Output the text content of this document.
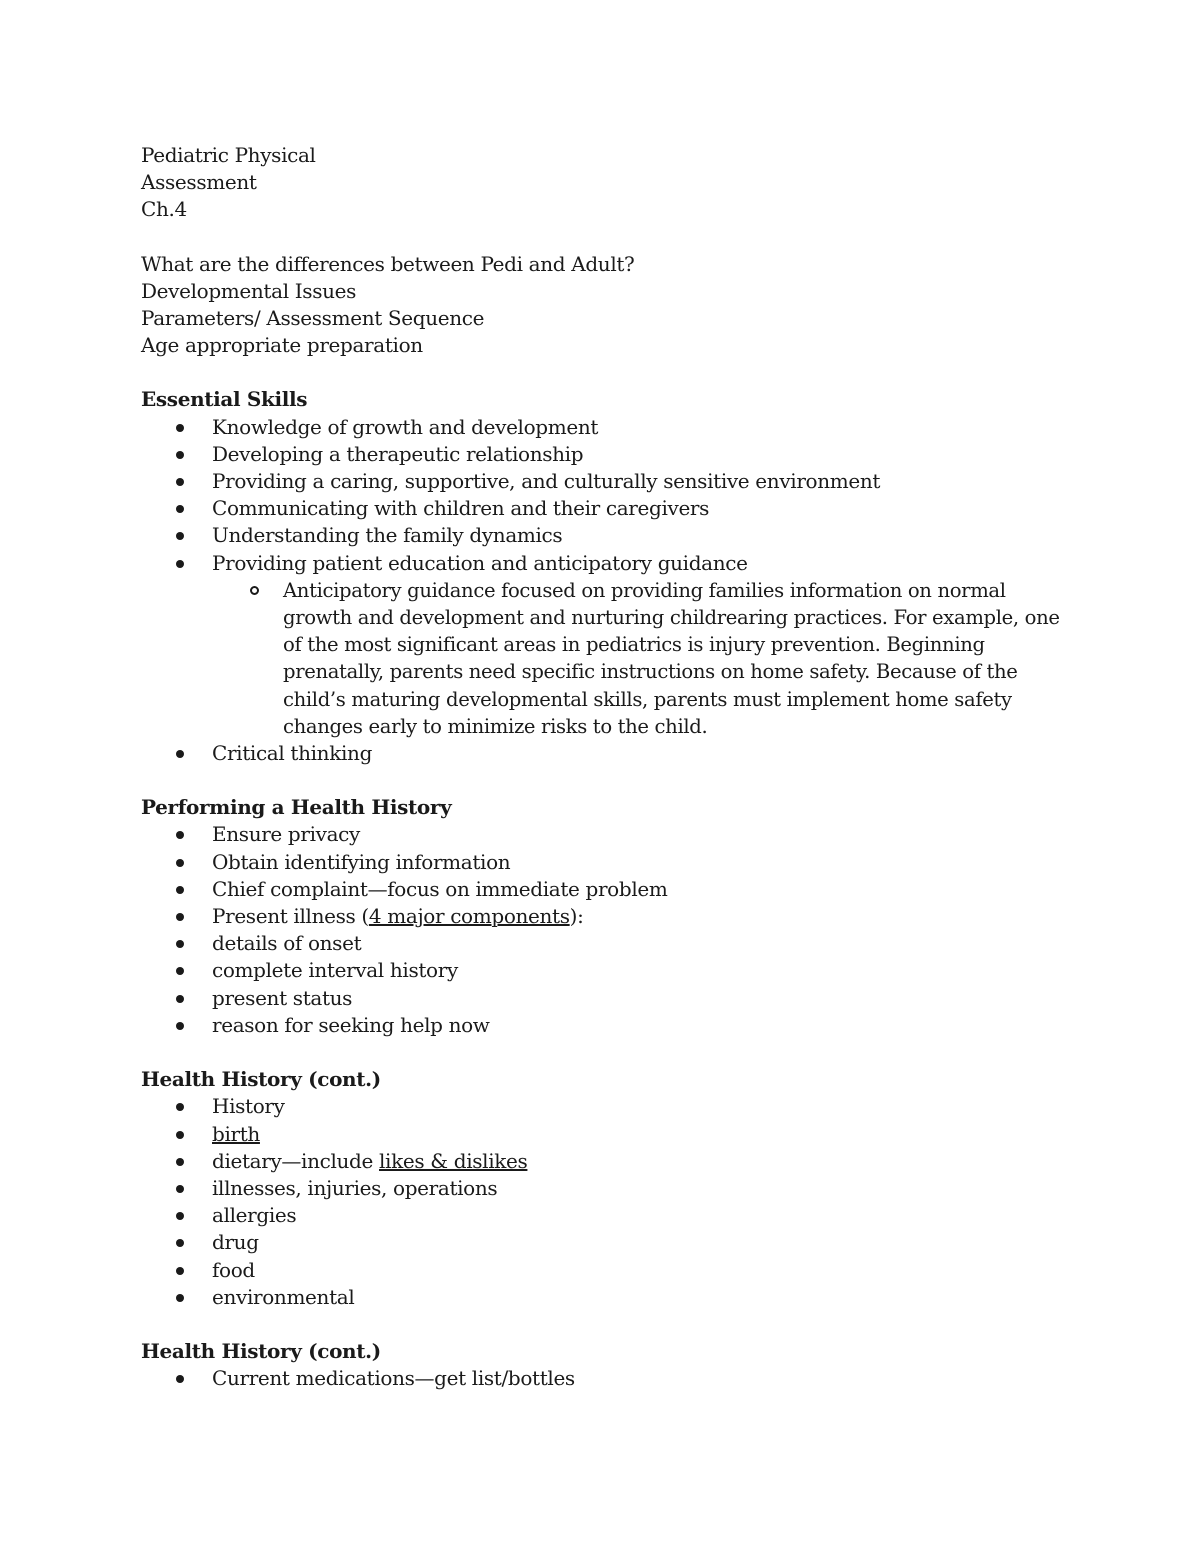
Pediatric Physical
Assessment
Ch.4
What are the differences between Pedi and Adult?
Developmental Issues
Parameters/ Assessment Sequence
Age appropriate preparation
Essential Skills
Knowledge of growth and development
Developing a therapeutic relationship
Providing a caring, supportive, and culturally sensitive environment
Communicating with children and their caregivers
Understanding the family dynamics
Providing patient education and anticipatory guidance
Anticipatory guidance focused on providing families information on normal growth and development and nurturing childrearing practices. For example, one of the most significant areas in pediatrics is injury prevention. Beginning prenatally, parents need specific instructions on home safety. Because of the child’s maturing developmental skills, parents must implement home safety changes early to minimize risks to the child.
Critical thinking
Performing a Health History
Ensure privacy
Obtain identifying information
Chief complaint—focus on immediate problem
Present illness (4 major components):
details of onset
complete interval history
present status
reason for seeking help now
Health History (cont.)
History
birth
dietary—include likes & dislikes
illnesses, injuries, operations
allergies
drug
food
environmental
Health History (cont.)
Current medications—get list/bottles
